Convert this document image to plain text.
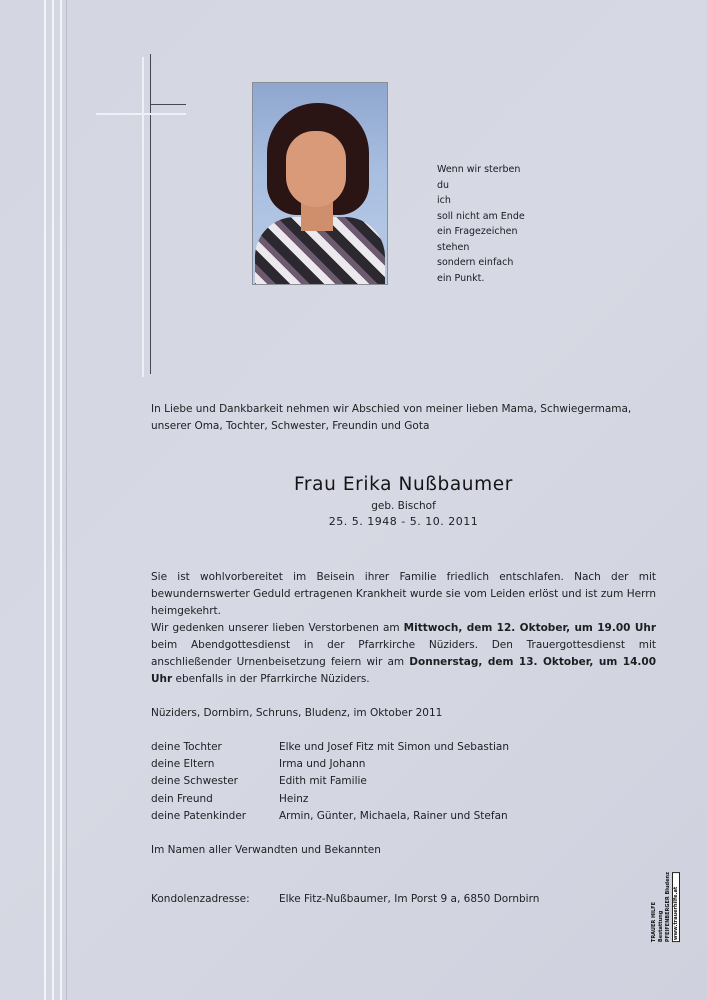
Wenn wir sterben
du
ich
soll nicht am Ende
ein Fragezeichen
stehen
sondern einfach
ein Punkt.
In Liebe und Dankbarkeit nehmen wir Abschied von meiner lieben Mama, Schwiegermama, unserer Oma, Tochter, Schwester, Freundin und Gota
Frau Erika Nußbaumer
geb. Bischof
25. 5. 1948 - 5. 10. 2011
Sie ist wohlvorbereitet im Beisein ihrer Familie friedlich entschlafen. Nach der mit bewundernswerter Geduld ertragenen Krankheit wurde sie vom Leiden erlöst und ist zum Herrn heimgekehrt.
Wir gedenken unserer lieben Verstorbenen am Mittwoch, dem 12. Oktober, um 19.00 Uhr beim Abendgottesdienst in der Pfarrkirche Nüziders. Den Trauergottesdienst mit anschließender Urnenbeisetzung feiern wir am Donnerstag, dem 13. Oktober, um 14.00 Uhr ebenfalls in der Pfarrkirche Nüziders.
Nüziders, Dornbirn, Schruns, Bludenz, im Oktober 2011
deine Tochter	Elke und Josef Fitz mit Simon und Sebastian
deine Eltern	Irma und Johann
deine Schwester	Edith mit Familie
dein Freund	Heinz
deine Patenkinder	Armin, Günter, Michaela, Rainer und Stefan
Im Namen aller Verwandten und Bekannten
Kondolenzadresse:	Elke Fitz-Nußbaumer, Im Porst 9 a, 6850 Dornbirn
TRAUER HILFE Bestattung PFEIFENBERGER Bludenz www.trauerhilfe.at
